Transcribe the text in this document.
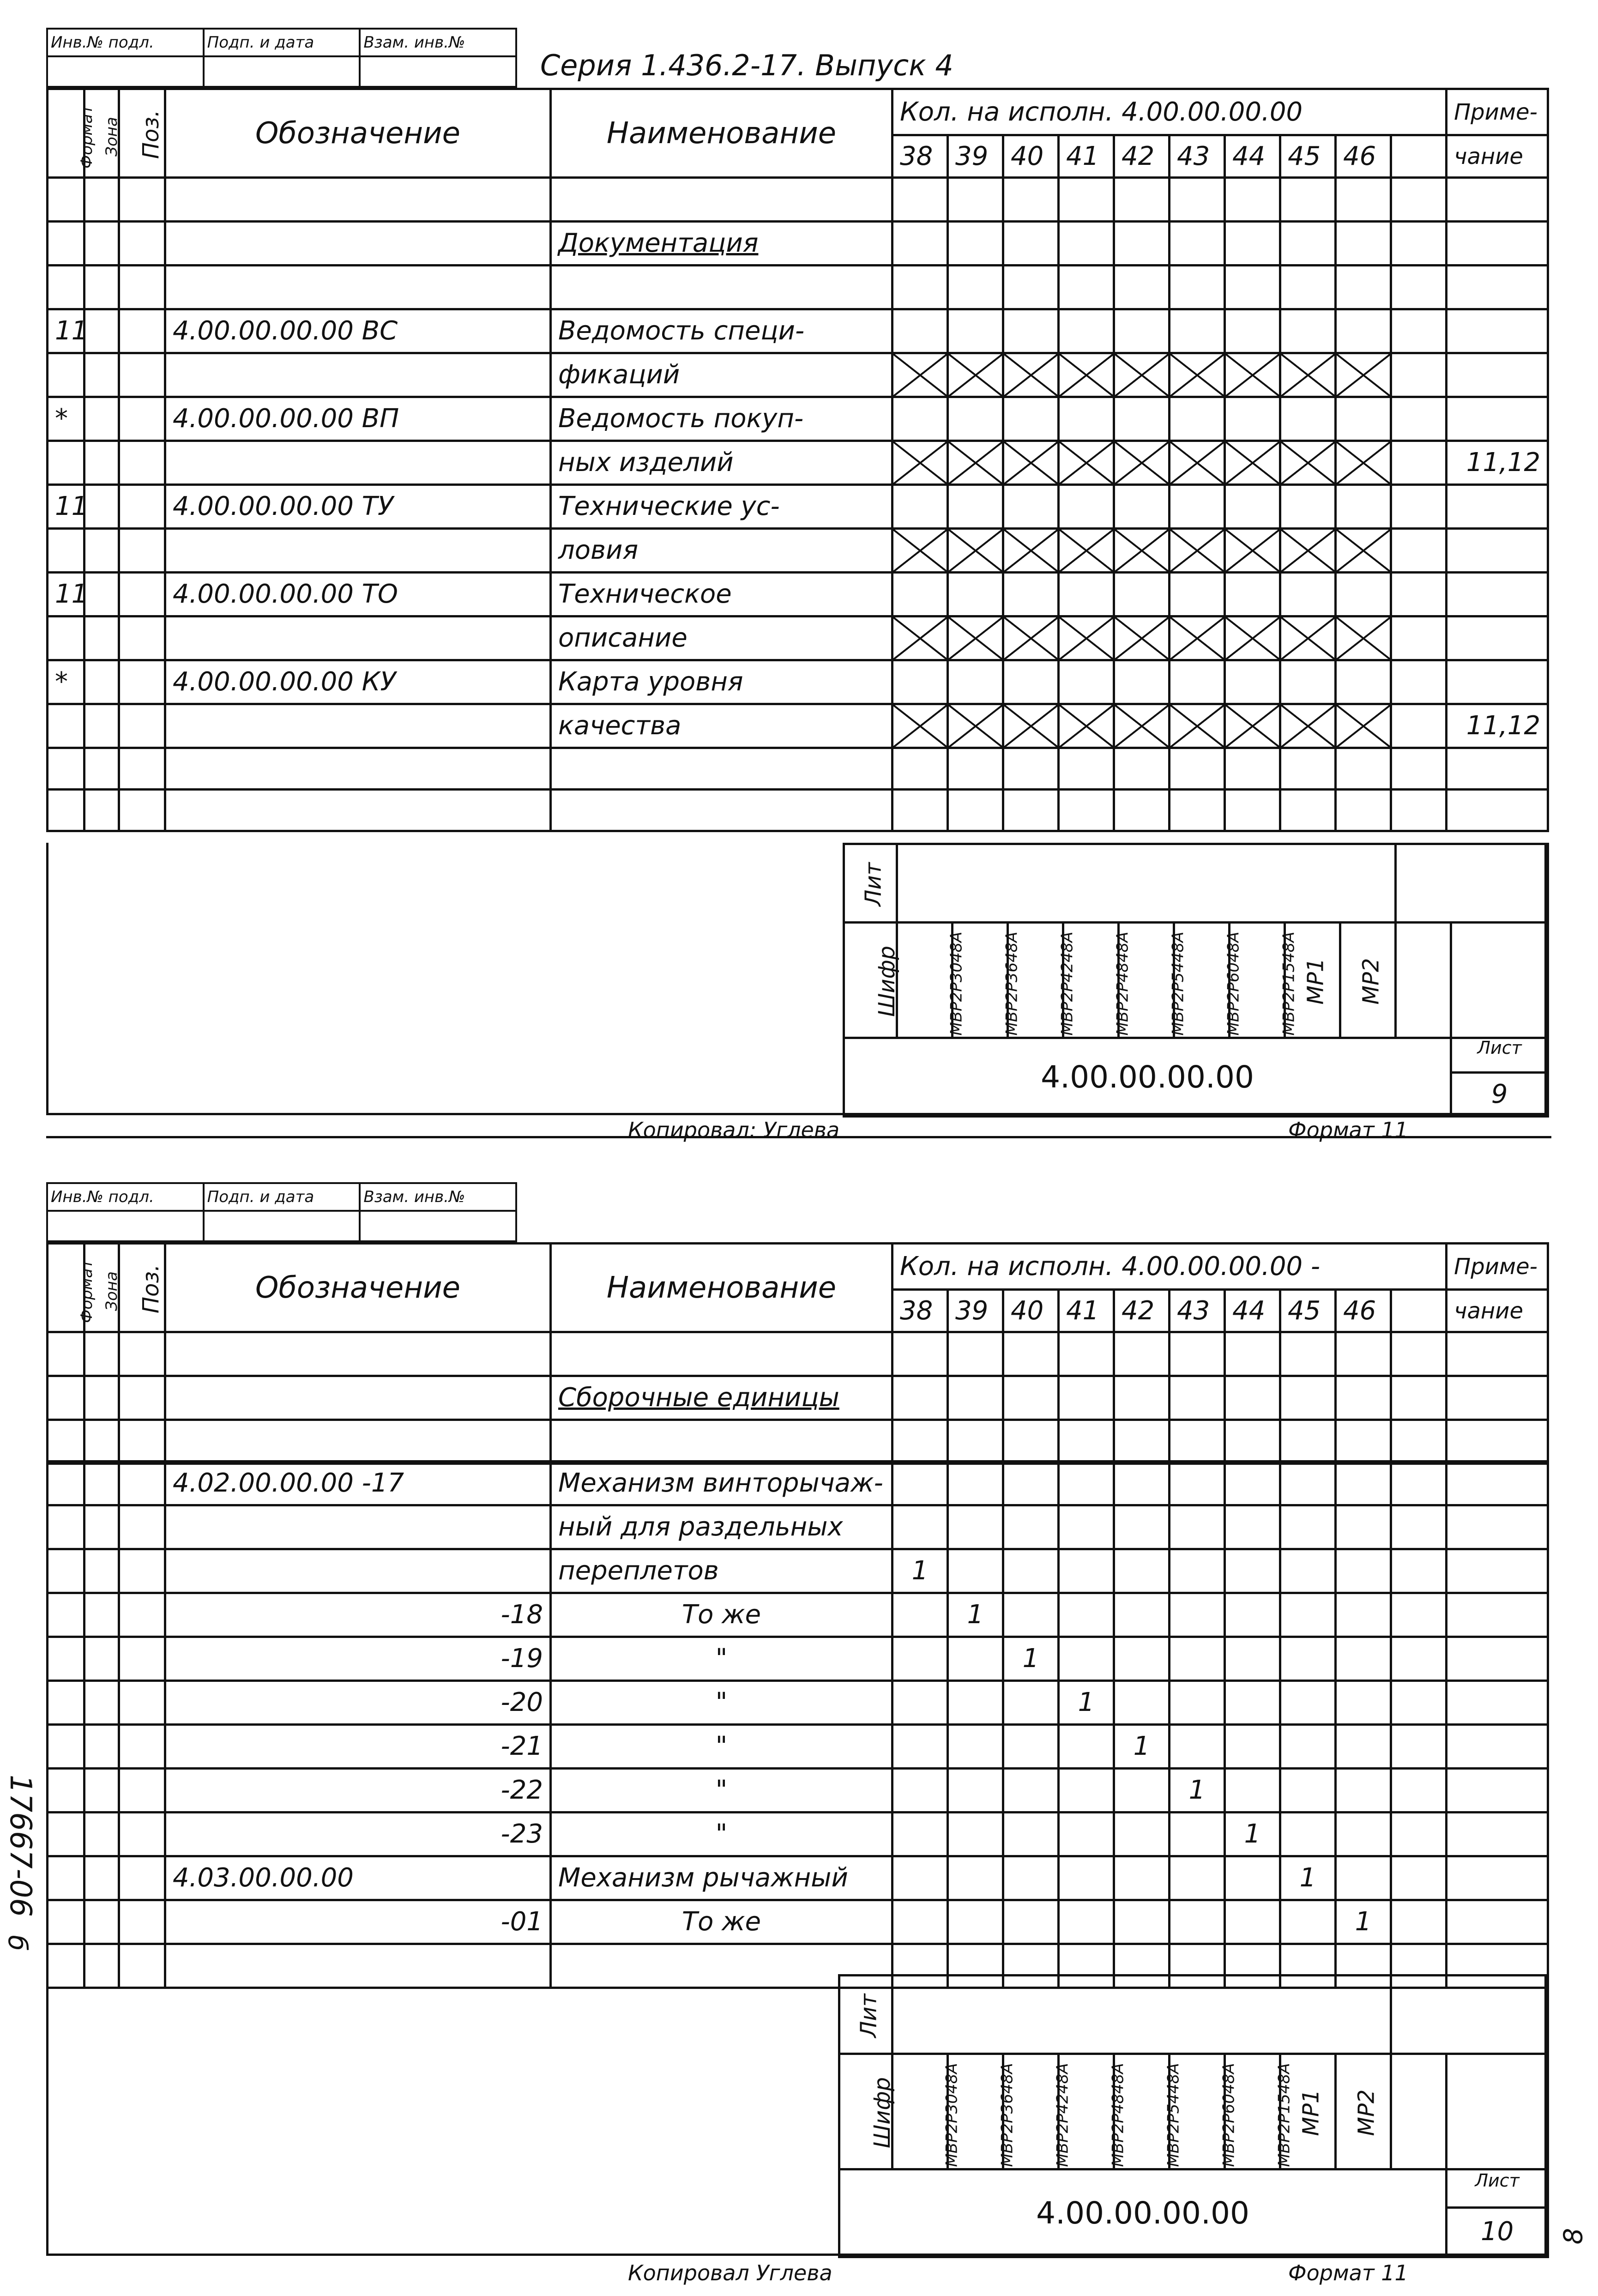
Инв.№ подл.	Подп. и дата	Взам. инв.№

Серия 1.436.2-17. Выпуск 4
Формат	Зона	Поз.	Обозначение	Наименование	Кол. на исполн. 4.00.00.00.00										Приме-
					38	39	40	41	42	43	44	45	46		чание

				Документация											

11			4.00.00.00.00 ВС	Ведомость специ-											
				фикаций											
*			4.00.00.00.00 ВП	Ведомость покуп-											
				ных изделий											11,12
11			4.00.00.00.00 ТУ	Технические ус-											
				ловия											
11			4.00.00.00.00 ТО	Техническое											
				описание											
*			4.00.00.00.00 КУ	Карта уровня											
				качества											11,12

Лит											
Шифр	МВР2Р3048А	МВР2Р3648А	МВР2Р4248А	МВР2Р4848А	МВР2Р5448А	МВР2Р6048А	МВР2Р1548А	МР1	МР2		
4.00.00.00.00											Лист
9
Копировал: Углева	Формат 11
Инв.№ подл.	Подп. и дата	Взам. инв.№

Формат	Зона	Поз.	Обозначение	Наименование	Кол. на исполн. 4.00.00.00.00 -										Приме-
					38	39	40	41	42	43	44	45	46		чание

				Сборочные единицы											

			4.02.00.00.00 -17	Механизм винторычаж-											
				ный для раздельных											
				переплетов	1										
			-18	То же		1									
			-19	"			1								
			-20	"				1							
			-21	"					1						
			-22	"						1					
			-23	"							1				
			4.03.00.00.00	Механизм рычажный								1			
			-01	То же									1		

Лит											
Шифр	МВР2Р3048А	МВР2Р3648А	МВР2Р4248А	МВР2Р4848А	МВР2Р5448А	МВР2Р6048А	МВР2Р1548А	МР1	МР2		
4.00.00.00.00											Лист
10
Копировал Углева	Формат 11
8
17667-06
б
